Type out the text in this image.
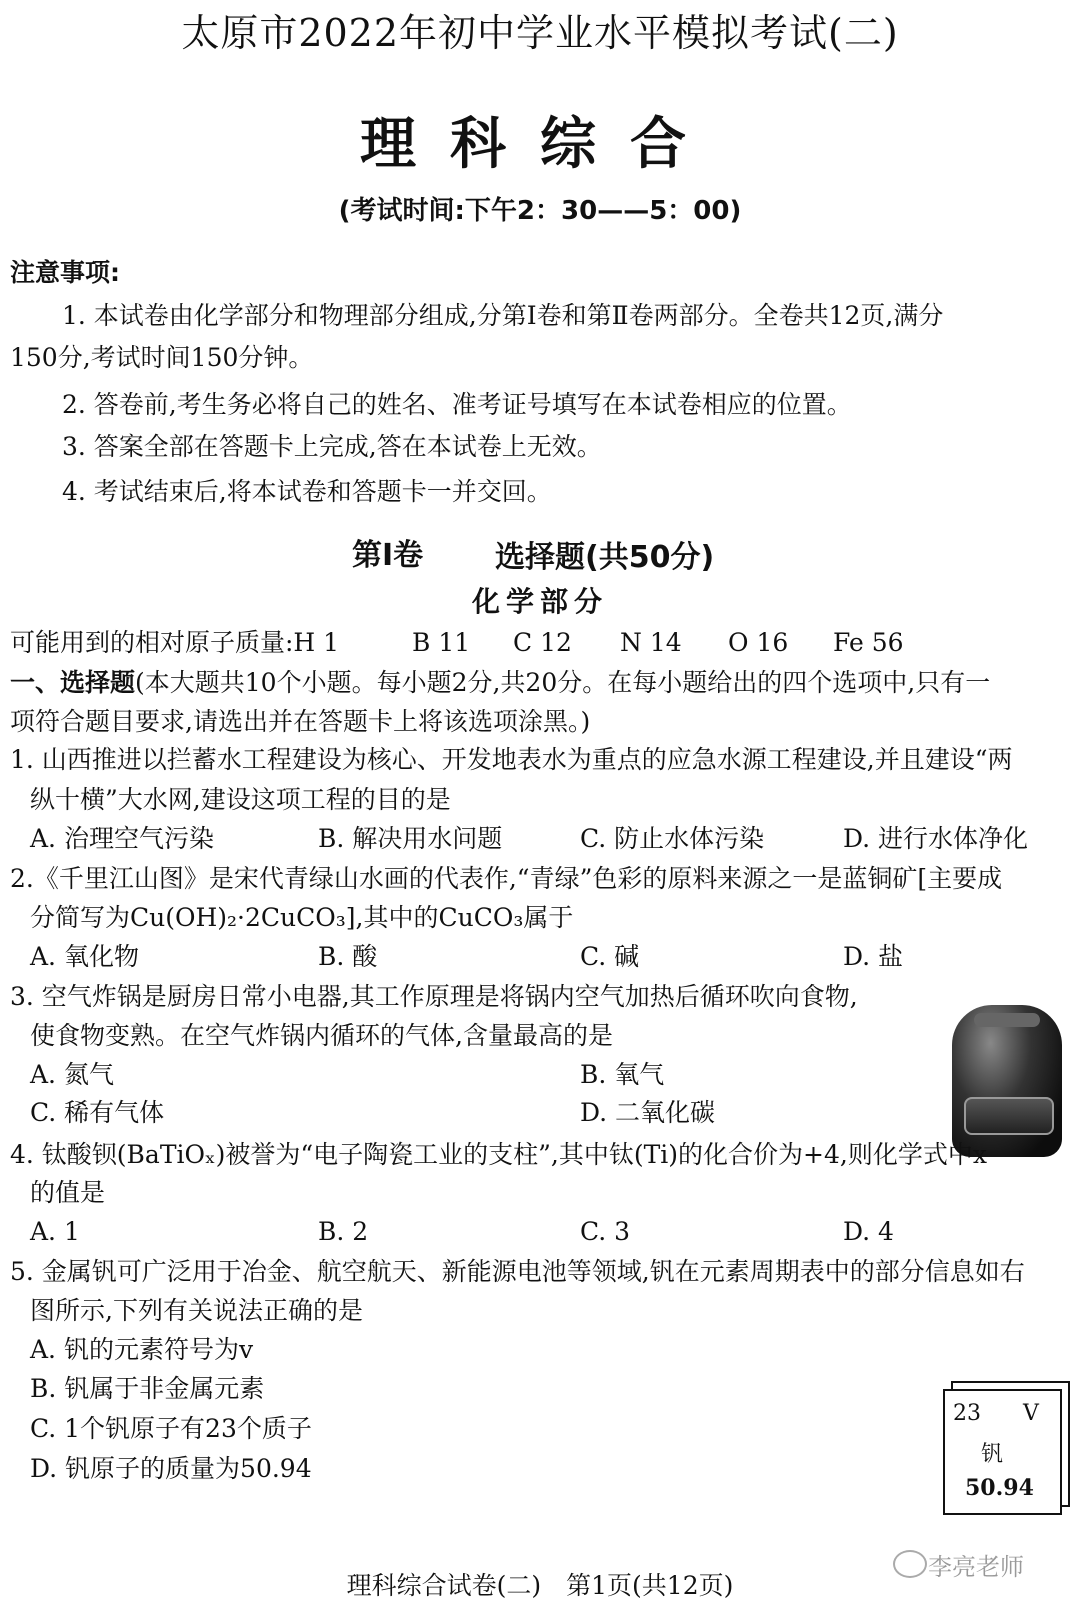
太原市2022年初中学业水平模拟考试(二)
理科综合
(考试时间:下午2：30——5：00)
注意事项:
1. 本试卷由化学部分和物理部分组成,分第Ⅰ卷和第Ⅱ卷两部分。全卷共12页,满分
150分,考试时间150分钟。
2. 答卷前,考生务必将自己的姓名、准考证号填写在本试卷相应的位置。
3. 答案全部在答题卡上完成,答在本试卷上无效。
4. 考试结束后,将本试卷和答题卡一并交回。
第Ⅰ卷 选择题(共50分)
化学部分
可能用到的相对原子质量:H 1	B 11 C 12 N 14 O 16 Fe 56
一、选择题(本大题共10个小题。每小题2分,共20分。在每小题给出的四个选项中,只有一
项符合题目要求,请选出并在答题卡上将该选项涂黑。)
1. 山西推进以拦蓄水工程建设为核心、开发地表水为重点的应急水源工程建设,并且建设“两
纵十横”大水网,建设这项工程的目的是
A. 治理空气污染	B. 解决用水问题	C. 防止水体污染	D. 进行水体净化
2.《千里江山图》是宋代青绿山水画的代表作,“青绿”色彩的原料来源之一是蓝铜矿[主要成
分简写为Cu(OH)₂·2CuCO₃],其中的CuCO₃属于
A. 氧化物	B. 酸	C. 碱	D. 盐
3. 空气炸锅是厨房日常小电器,其工作原理是将锅内空气加热后循环吹向食物,
使食物变熟。在空气炸锅内循环的气体,含量最高的是
A. 氮气	B. 氧气
C. 稀有气体	D. 二氧化碳
4. 钛酸钡(BaTiOₓ)被誉为“电子陶瓷工业的支柱”,其中钛(Ti)的化合价为+4,则化学式中x
的值是
A. 1	B. 2	C. 3	D. 4
5. 金属钒可广泛用于冶金、航空航天、新能源电池等领域,钒在元素周期表中的部分信息如右
图所示,下列有关说法正确的是
A. 钒的元素符号为v
B. 钒属于非金属元素
C. 1个钒原子有23个质子
D. 钒原子的质量为50.94
23 V
钒
50.94
理科综合试卷(二)　第1页(共12页)
李亮老师
